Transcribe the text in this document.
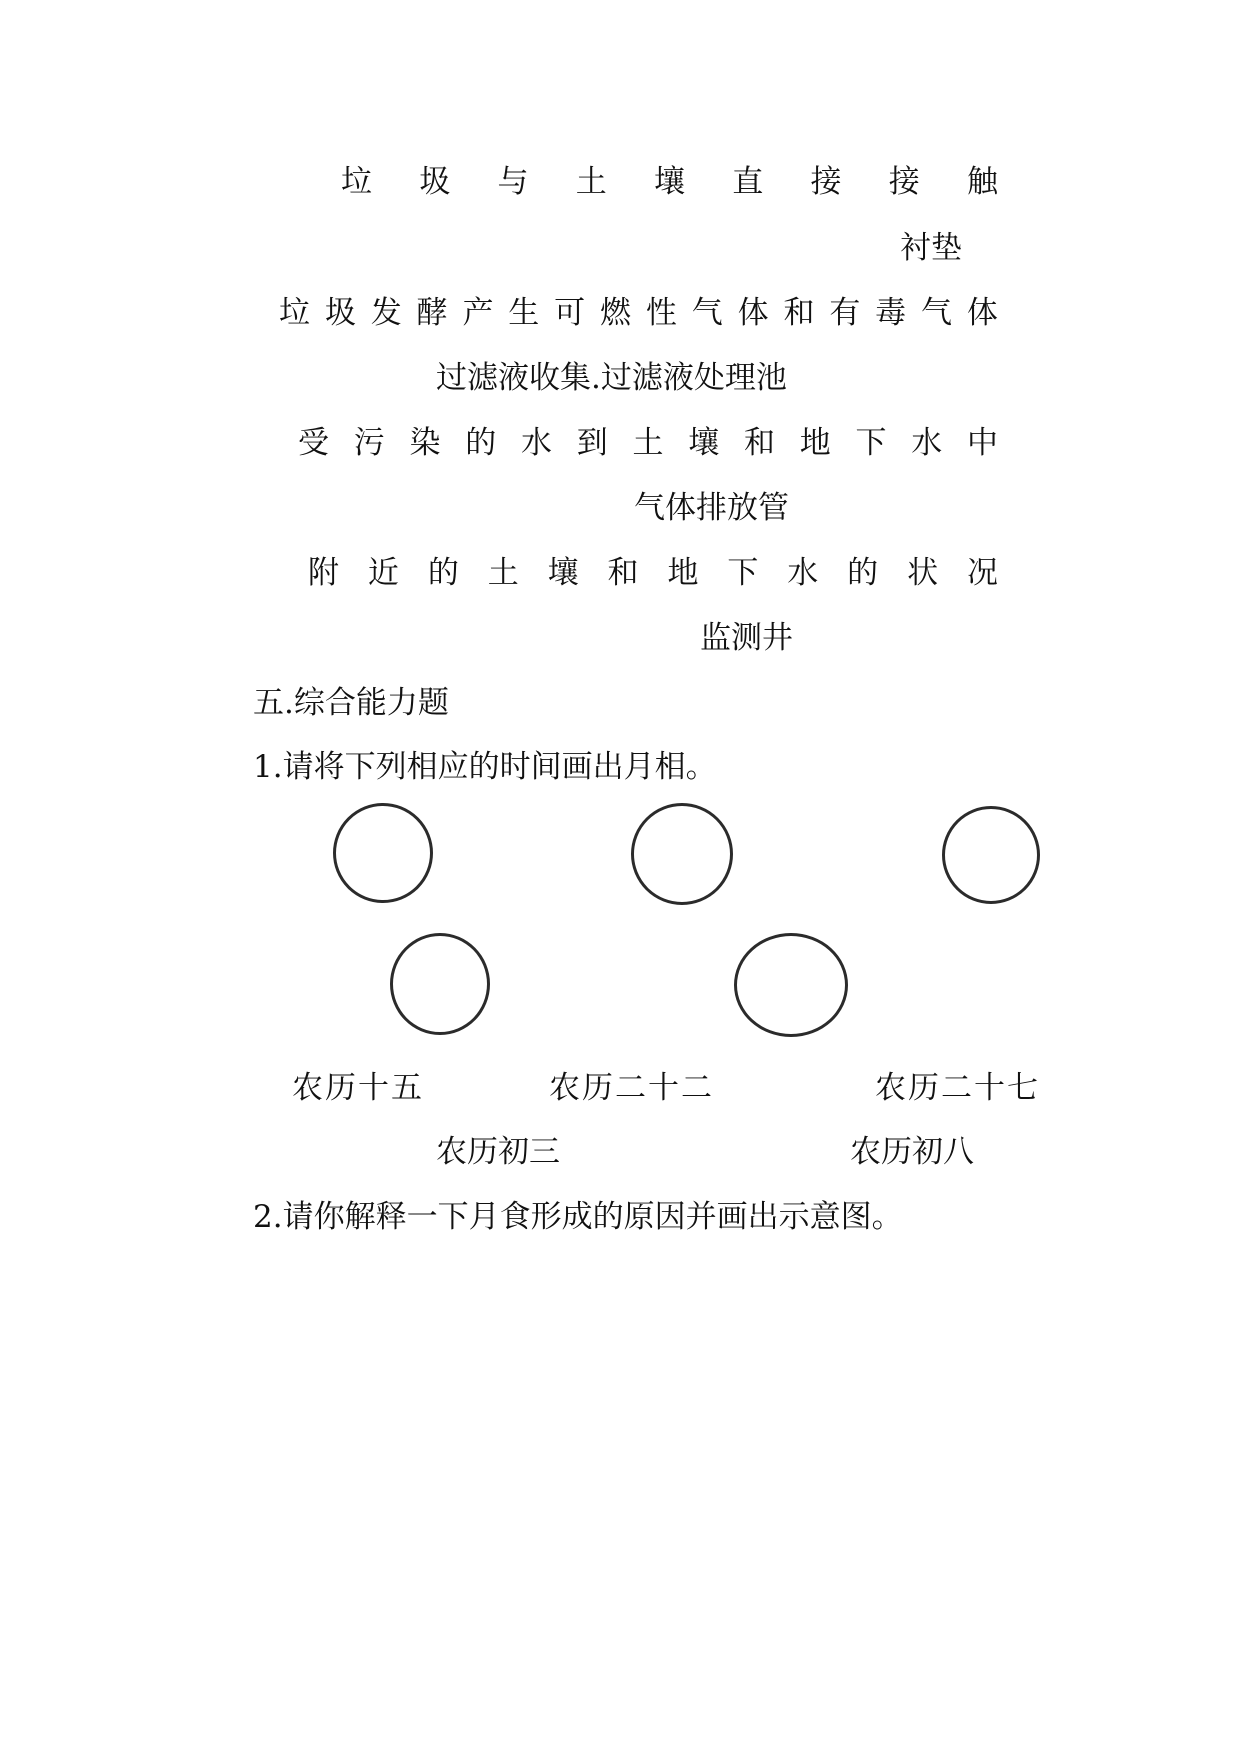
垃 圾 与 土 壤 直 接 接 触
衬垫
垃 圾 发 酵 产 生 可 燃 性 气 体 和 有 毒 气 体
过滤液收集.过滤液处理池
受 污 染 的 水 到 土 壤 和 地 下 水 中
气体排放管
附 近 的 土 壤 和 地 下 水 的 状 况
监测井
五.综合能力题
1.请将下列相应的时间画出月相。
农历十五	农历二十二	农历二十七
农历初三	农历初八
2.请你解释一下月食形成的原因并画出示意图。
